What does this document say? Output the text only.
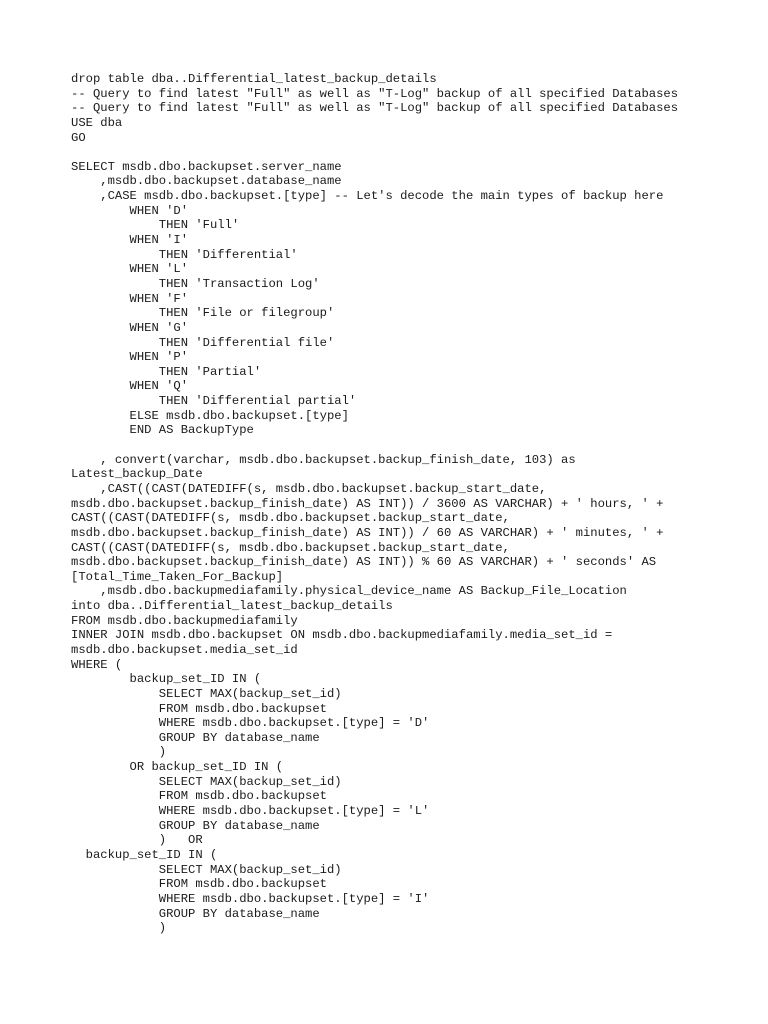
drop table dba..Differential_latest_backup_details
-- Query to find latest "Full" as well as "T-Log" backup of all specified Databases
-- Query to find latest "Full" as well as "T-Log" backup of all specified Databases
USE dba
GO
SELECT msdb.dbo.backupset.server_name
,msdb.dbo.backupset.database_name
,CASE msdb.dbo.backupset.[type] -- Let's decode the main types of backup here
WHEN 'D'
THEN 'Full'
WHEN 'I'
THEN 'Differential'
WHEN 'L'
THEN 'Transaction Log'
WHEN 'F'
THEN 'File or filegroup'
WHEN 'G'
THEN 'Differential file'
WHEN 'P'
THEN 'Partial'
WHEN 'Q'
THEN 'Differential partial'
ELSE msdb.dbo.backupset.[type]
END AS BackupType
, convert(varchar, msdb.dbo.backupset.backup_finish_date, 103) as
Latest_backup_Date
,CAST((CAST(DATEDIFF(s, msdb.dbo.backupset.backup_start_date,
msdb.dbo.backupset.backup_finish_date) AS INT)) / 3600 AS VARCHAR) + ' hours, ' +
CAST((CAST(DATEDIFF(s, msdb.dbo.backupset.backup_start_date,
msdb.dbo.backupset.backup_finish_date) AS INT)) / 60 AS VARCHAR) + ' minutes, ' +
CAST((CAST(DATEDIFF(s, msdb.dbo.backupset.backup_start_date,
msdb.dbo.backupset.backup_finish_date) AS INT)) % 60 AS VARCHAR) + ' seconds' AS
[Total_Time_Taken_For_Backup]
,msdb.dbo.backupmediafamily.physical_device_name AS Backup_File_Location
into dba..Differential_latest_backup_details
FROM msdb.dbo.backupmediafamily
INNER JOIN msdb.dbo.backupset ON msdb.dbo.backupmediafamily.media_set_id =
msdb.dbo.backupset.media_set_id
WHERE (
backup_set_ID IN (
SELECT MAX(backup_set_id)
FROM msdb.dbo.backupset
WHERE msdb.dbo.backupset.[type] = 'D'
GROUP BY database_name
)
OR backup_set_ID IN (
SELECT MAX(backup_set_id)
FROM msdb.dbo.backupset
WHERE msdb.dbo.backupset.[type] = 'L'
GROUP BY database_name
)   OR
backup_set_ID IN (
SELECT MAX(backup_set_id)
FROM msdb.dbo.backupset
WHERE msdb.dbo.backupset.[type] = 'I'
GROUP BY database_name
)
